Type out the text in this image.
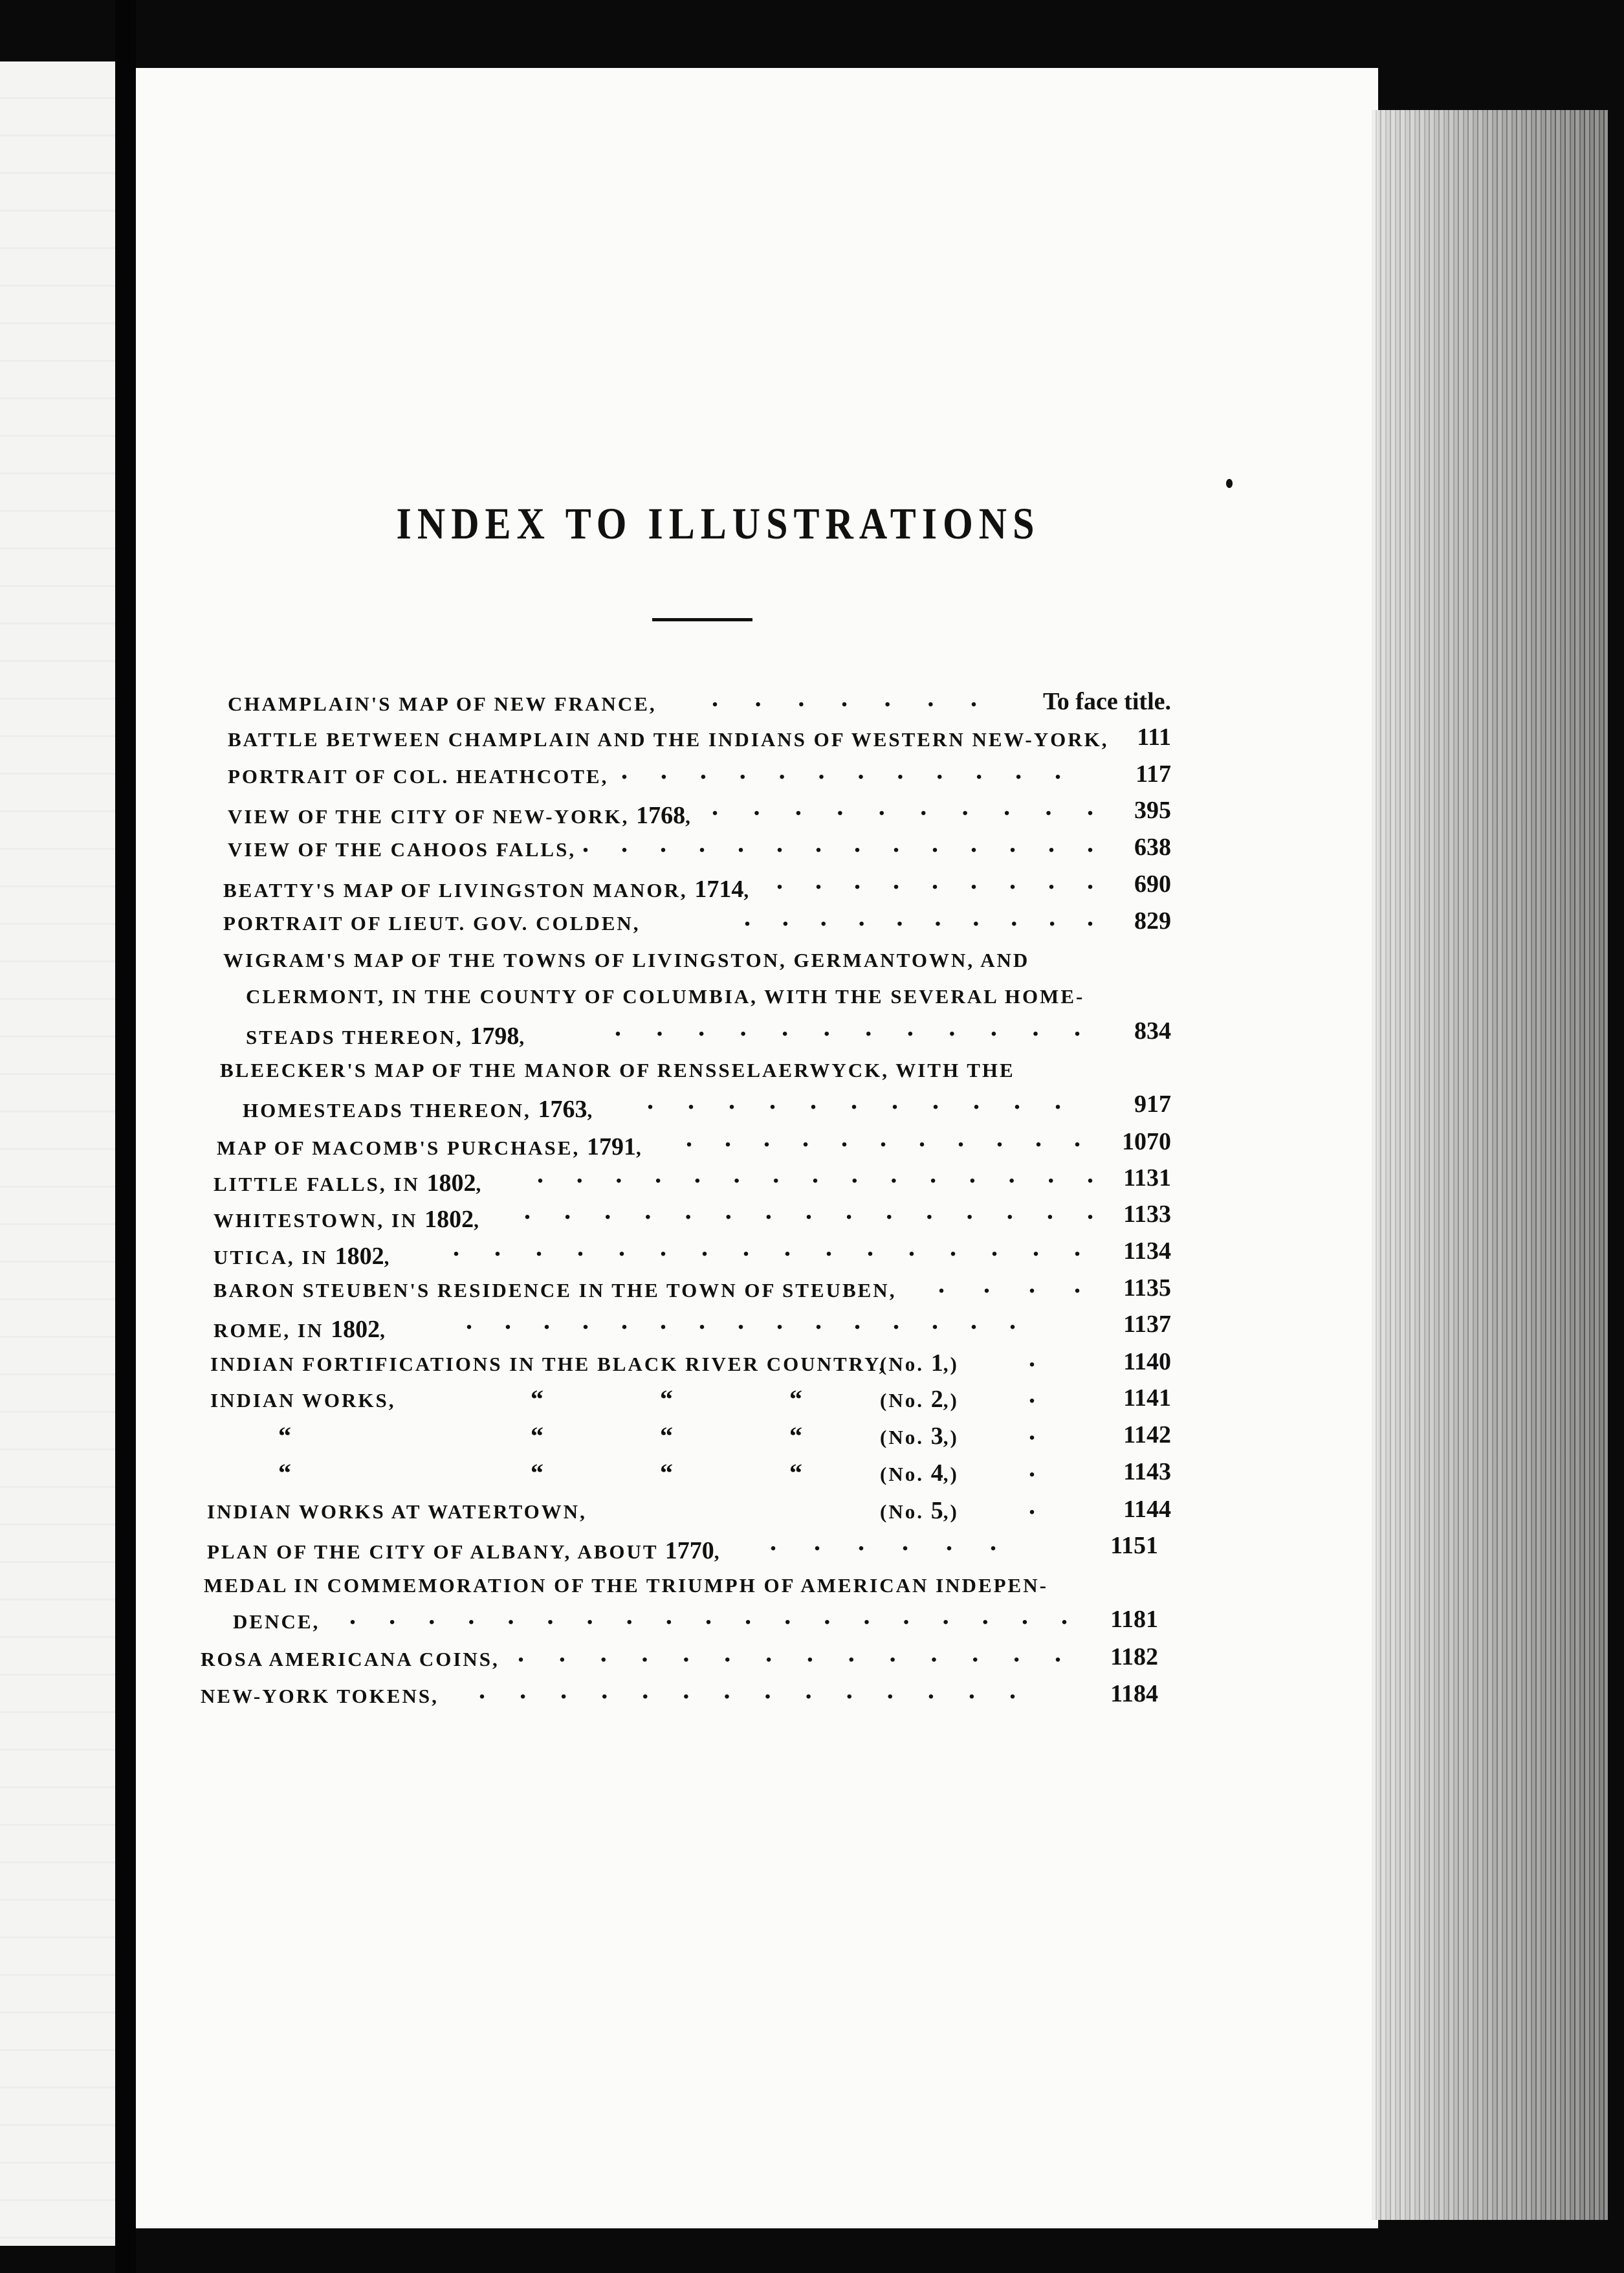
INDEX TO ILLUSTRATIONS
CHAMPLAIN'S MAP OF NEW FRANCE, . . . . . . .	To face title.
BATTLE BETWEEN CHAMPLAIN AND THE INDIANS OF WESTERN NEW-YORK,	111
PORTRAIT OF COL. HEATHCOTE, . . . . . . . . . . . .	117
VIEW OF THE CITY OF NEW-YORK, 1768, . . . . . . . . . .	395
VIEW OF THE CAHOOS FALLS, . . . . . . . . . . . . . .	638
BEATTY'S MAP OF LIVINGSTON MANOR, 1714, . . . . . . . . .	690
PORTRAIT OF LIEUT. GOV. COLDEN,	. . . . . . . . . .	829
WIGRAM'S MAP OF THE TOWNS OF LIVINGSTON, GERMANTOWN, AND
CLERMONT, IN THE COUNTY OF COLUMBIA, WITH THE SEVERAL HOME-
STEADS THEREON, 1798,	. . . . . . . . . . . .	834
BLEECKER'S MAP OF THE MANOR OF RENSSELAERWYCK, WITH THE
HOMESTEADS THEREON, 1763, . . . . . . . . . . .	917
MAP OF MACOMB'S PURCHASE, 1791, . . . . . . . . . . .	1070
LITTLE FALLS, IN 1802, . . . . . . . . . . . . . . .	1131
WHITESTOWN, IN 1802, . . . . . . . . . . . . . . .	1133
UTICA, IN 1802, . . . . . . . . . . . . . . . .	1134
BARON STEUBEN'S RESIDENCE IN THE TOWN OF STEUBEN, . . . .	1135
ROME, IN 1802,	. . . . . . . . . . . . . . .	1137
INDIAN FORTIFICATIONS IN THE BLACK RIVER COUNTRY,
(No. 1,)	.	1140
INDIAN WORKS,	“	“	“	(No. 2,)	.	1141
“	“	“	“	(No. 3,)	.	1142
“	“	“	“	(No. 4,)	.	1143
INDIAN WORKS AT WATERTOWN,	(No. 5,)	.	1144
PLAN OF THE CITY OF ALBANY, ABOUT 1770, . . . . . .	1151
MEDAL IN COMMEMORATION OF THE TRIUMPH OF AMERICAN INDEPEN-
DENCE, . . . . . . . . . . . . . . . . . . .	1181
ROSA AMERICANA COINS, . . . . . . . . . . . . . .	1182
NEW-YORK TOKENS, . . . . . . . . . . . . . .	1184
